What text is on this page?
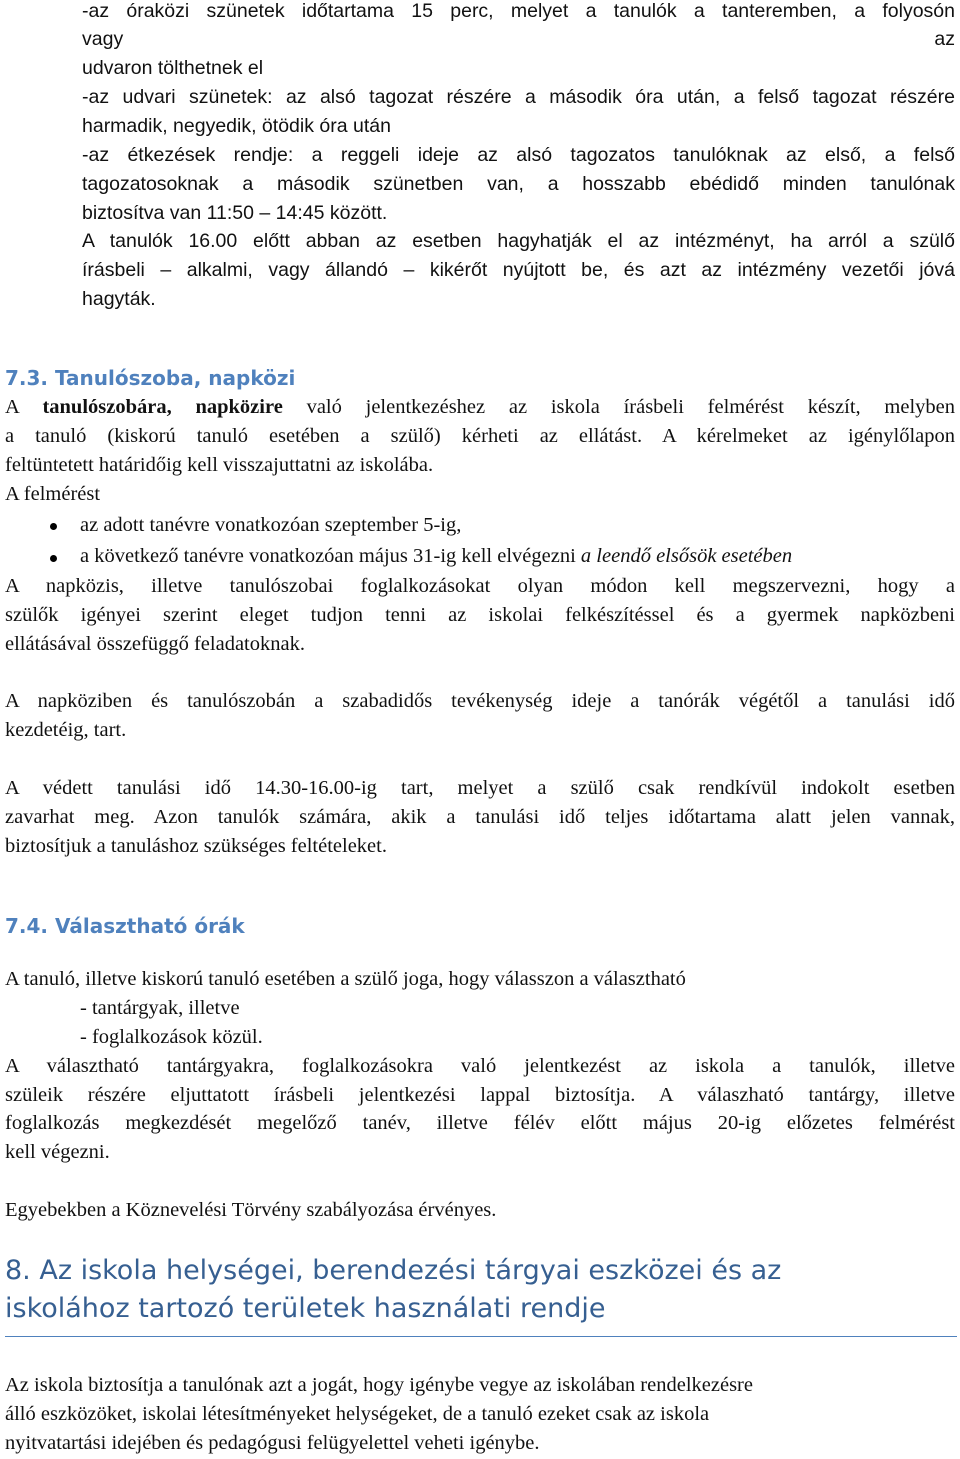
-az óraközi szünetek időtartama 15 perc, melyet a tanulók a tanteremben, a folyosón

vagy	az

udvaron tölthetnek el

-az udvari szünetek: az alsó tagozat részére a második óra után, a felső tagozat részére

harmadik, negyedik, ötödik óra után

-az étkezések rendje: a reggeli ideje az alsó tagozatos tanulóknak az első, a felső

tagozatosoknak a második szünetben van, a hosszabb ebédidő minden tanulónak

biztosítva van 11:50 – 14:45 között.

A tanulók 16.00 előtt abban az esetben hagyhatják el az intézményt, ha arról a szülő

írásbeli – alkalmi, vagy állandó – kikérőt nyújtott be, és azt az intézmény vezetői jóvá

hagyták.

7.3. Tanulószoba, napközi

A tanulószobára, napközire való jelentkezéshez az iskola írásbeli felmérést készít, melyben

a tanuló (kiskorú tanuló esetében a szülő) kérheti az ellátást. A kérelmeket az igénylőlapon

feltüntetett határidőig kell visszajuttatni az iskolába.

A felmérést

az adott tanévre vonatkozóan szeptember 5-ig,

a következő tanévre vonatkozóan május 31-ig kell elvégezni a leendő elsősök esetében

A napközis, illetve tanulószobai foglalkozásokat olyan módon kell megszervezni, hogy a

szülők igényei szerint eleget tudjon tenni az iskolai felkészítéssel és a gyermek napközbeni

ellátásával összefüggő feladatoknak.

A napköziben és tanulószobán a szabadidős tevékenység ideje a tanórák végétől a tanulási idő

kezdetéig, tart.

A védett tanulási idő 14.30-16.00-ig tart, melyet a szülő csak rendkívül indokolt esetben

zavarhat meg. Azon tanulók számára, akik a tanulási idő teljes időtartama alatt jelen vannak,

biztosítjuk a tanuláshoz szükséges feltételeket.

7.4. Választható órák

A tanuló, illetve kiskorú tanuló esetében a szülő joga, hogy válasszon a választható

- tantárgyak, illetve

- foglalkozások közül.

A választható tantárgyakra, foglalkozásokra való jelentkezést az iskola a tanulók, illetve

szüleik részére eljuttatott írásbeli jelentkezési lappal biztosítja. A válaszható tantárgy, illetve

foglalkozás megkezdését megelőző tanév, illetve félév előtt május 20-ig előzetes felmérést

kell végezni.

Egyebekben a Köznevelési Törvény szabályozása érvényes.

8. Az iskola helységei, berendezési tárgyai eszközei és az
iskolához tartozó területek használati rendje

Az iskola biztosítja a tanulónak azt a jogát, hogy igénybe vegye az iskolában rendelkezésre

álló eszközöket, iskolai létesítményeket helységeket, de a tanuló ezeket csak az iskola

nyitvatartási idejében és pedagógusi felügyelettel veheti igénybe.
